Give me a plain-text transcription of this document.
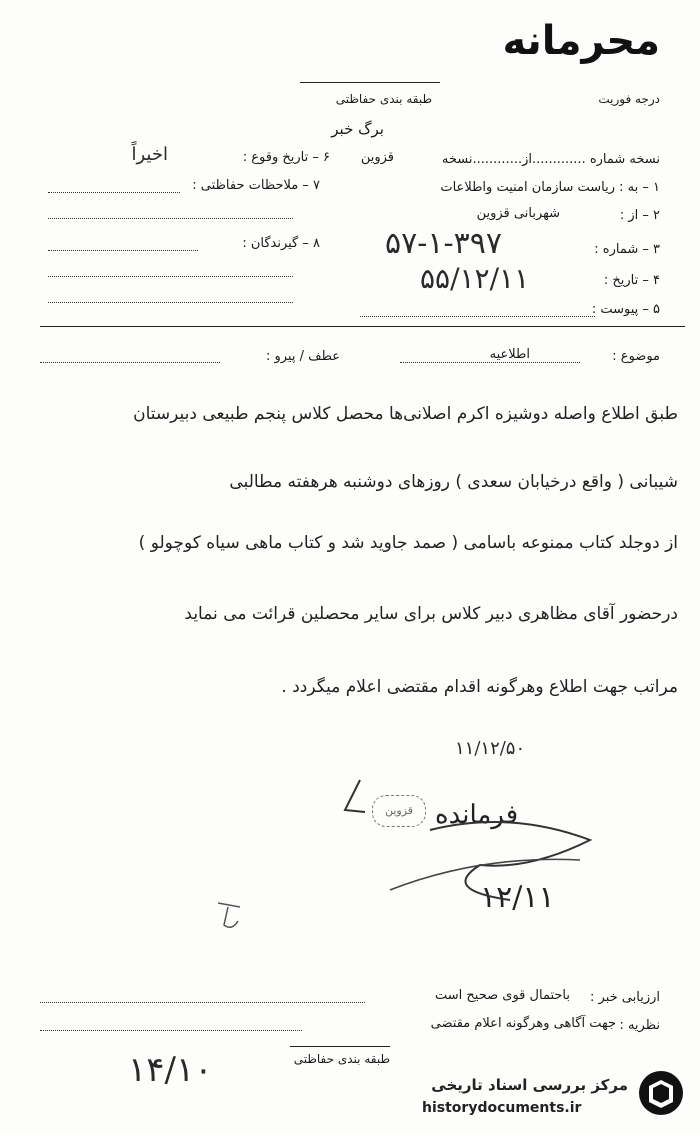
محرمانه
درجه فوریت
طبقه بندی حفاظتی
برگ خبر
۶ – تاریخ وقوع :
اخیراً
۷ – ملاحظات حفاظتی :
۸ – گیرندگان :
نسخه شماره .............از............نسخه
قزوین
۱ – به : ریاست سازمان امنیت واطلاعات
۲ – از :
شهربانی قزوین
۳ – شماره :
۵۷-۱-۳۹۷
۴ – تاریخ :
۵۵/۱۲/۱۱
۵ – پیوست :
موضوع :
اطلاعیه
عطف / پیرو :
طبق اطلاع واصله دوشیزه اکرم اصلانی‌ها محصل کلاس پنجم طبیعی دبیرستان
شیبانی ( واقع درخیابان سعدی ) روزهای دوشنبه هرهفته مطالبی
از دوجلد کتاب ممنوعه باسامی ( صمد جاوید شد و کتاب ماهی سیاه کوچولو )
درحضور آقای مظاهری دبیر کلاس برای سایر محصلین قرائت می نماید
مراتب جهت اطلاع وهرگونه اقدام مقتضی اعلام میگردد .
۱۱/۱۲/۵۰
قزوین فرمانده
۱۲/۱۱
ارزیابی خبر :
باحتمال قوی صحیح است
نظریه :
جهت آگاهی وهرگونه اعلام مقتضی
طبقه بندی حفاظتی
۱۴/۱۰	مرکز بررسی اسناد تاریخی
historydocuments.ir
